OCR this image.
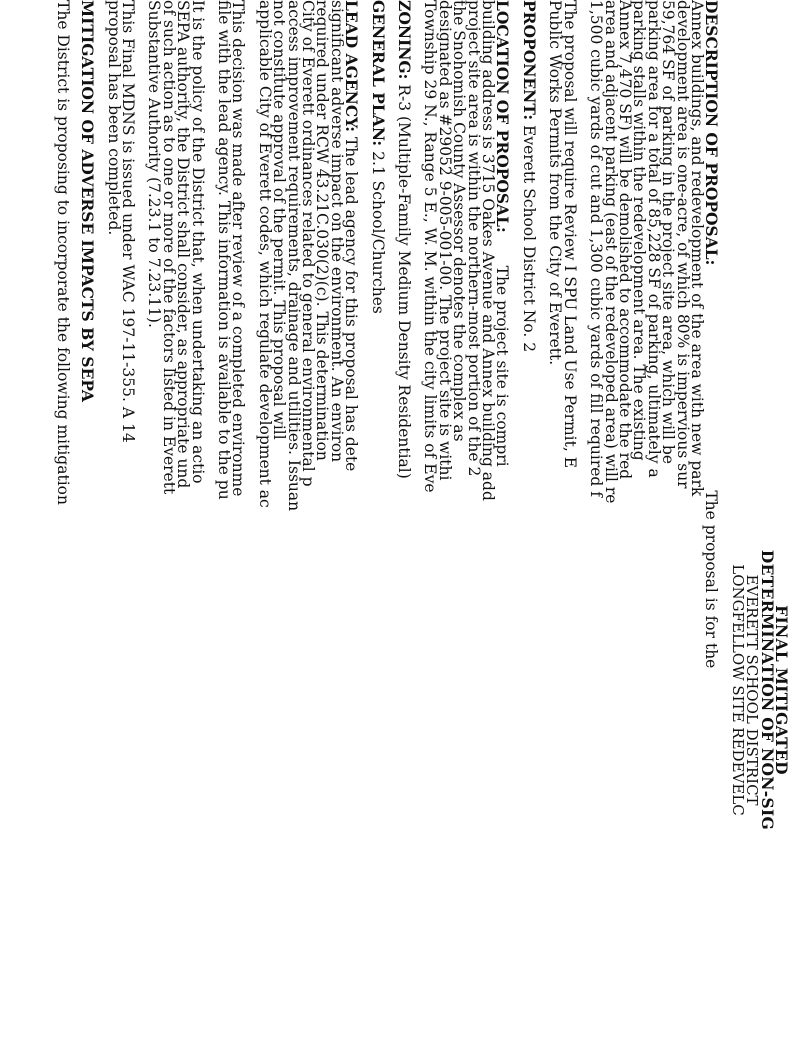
FINAL MITIGATED
DETERMINATION OF NON-SIG
EVERETT SCHOOL DISTRICT
LONGFELLOW SITE REDEVELC
DESCRIPTION OF PROPOSAL: The proposal is for the
Annex buildings, and redevelopment of the area with new park
development area is one-acre, of which 80% is impervious sur
59,764 SF of parking in the project site area, which will be
parking area for a total of 85,228 SF of parking, ultimately a
parking stalls within the redevelopment area. The existing
Annex 7,470 SF) will be demolished to accommodate the red
area and adjacent parking (east of the redeveloped area) will re
1,500 cubic yards of cut and 1,300 cubic yards of fill required f
The proposal will require Review I SPU Land Use Permit, E
Public Works Permits from the City of Everett.
PROPONENT: Everett School District No. 2
LOCATION OF PROPOSAL: The project site is compri
building address is 3715 Oakes Avenue and Annex building add
project site area is within the northern-most portion of the 2
the Snohomish County Assessor denotes the complex as
designated as #29052 9-005-001-00. The project site is withi
Township 29 N., Range 5 E., W. M. within the city limits of Eve
ZONING: R-3 (Multiple-Family Medium Density Residential)
GENERAL PLAN: 2.1 School/Churches
LEAD AGENCY: The lead agency for this proposal has dete
significant adverse impact on the environment. An environ
required under RCW 43.21C.030(2)(c). This determination
City of Everett ordinances related to general environmental p
access improvement requirements, drainage and utilities. Issuan
not constitute approval of the permit. This proposal will
applicable City of Everett codes, which regulate development ac
This decision was made after review of a completed environme
file with the lead agency. This information is available to the pu
It is the policy of the District that, when undertaking an actio
SEPA authority, the District shall consider, as appropriate und
of such action as to one or more of the factors listed in Everett
Substantive Authority (7.23.1 to 7.23.11).
This Final MDNS is issued under WAC 197-11-355. A 14
proposal has been completed.
MITIGATION OF ADVERSE IMPACTS BY SEPA
The District is proposing to incorporate the following mitigation
